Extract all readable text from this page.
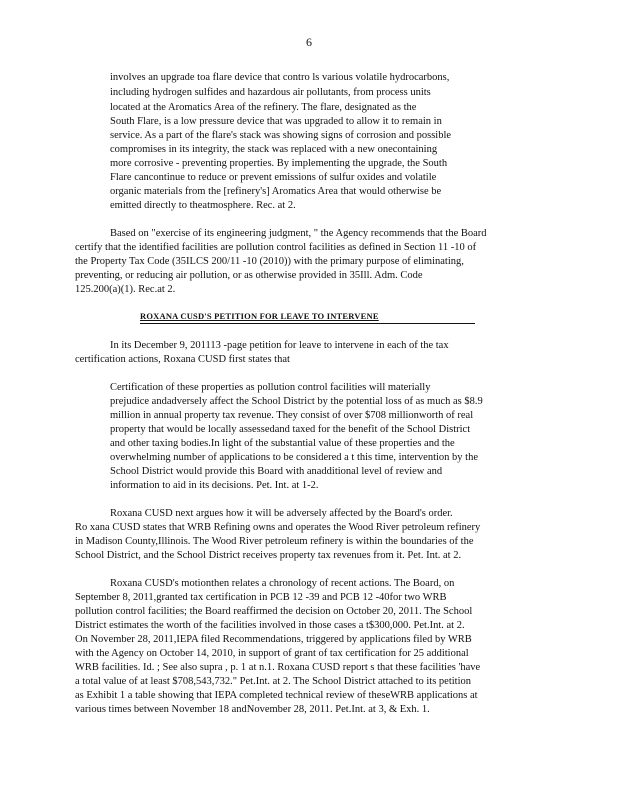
6
involves an upgrade toa flare device that contro ls various volatile hydrocarbons,
including hydrogen sulfides and hazardous air pollutants, from process units
located at the Aromatics Area of the refinery. The flare, designated as the
South Flare, is a low pressure device that was upgraded to allow it to remain in
service. As a part of the flare's stack was showing signs of corrosion and possible
compromises in its integrity, the stack was replaced with a new onecontaining
more corrosive - preventing properties. By implementing the upgrade, the South
Flare cancontinue to reduce or prevent emissions of sulfur oxides and volatile
organic materials from the [refinery's] Aromatics Area that would otherwise be
emitted directly to theatmosphere. Rec. at 2.
Based on "exercise of its engineering judgment, " the Agency recommends that the Board
certify that the identified facilities are pollution control facilities as defined in Section 11 -10 of
the Property Tax Code (35ILCS 200/11 -10 (2010)) with the primary purpose of eliminating,
preventing, or reducing air pollution, or as otherwise provided in 35Ill. Adm. Code
125.200(a)(1). Rec.at 2.
ROXANA CUSD'S PETITION FOR LEAVE TO INTERVENE
In its December 9, 201113 -page petition for leave to intervene in each of the tax
certification actions, Roxana CUSD first states that
Certification of these properties as pollution control facilities will materially
prejudice andadversely affect the School District by the potential loss of as much as $8.9
million in annual property tax revenue. They consist of over $708 millionworth of real
property that would be locally assessedand taxed for the benefit of the School District
and other taxing bodies.In light of the substantial value of these properties and the
overwhelming number of applications to be considered a t this time, intervention by the
School District would provide this Board with anadditional level of review and
information to aid in its decisions. Pet. Int. at 1-2.
Roxana CUSD next argues how it will be adversely affected by the Board's order.
Ro xana CUSD states that WRB Refining owns and operates the Wood River petroleum refinery
in Madison County,Illinois. The Wood River petroleum refinery is within the boundaries of the
School District, and the School District receives property tax revenues from it. Pet. Int. at 2.
Roxana CUSD's motionthen relates a chronology of recent actions. The Board, on
September 8, 2011,granted tax certification in PCB 12 -39 and PCB 12 -40for two WRB
pollution control facilities; the Board reaffirmed the decision on October 20, 2011. The School
District estimates the worth of the facilities involved in those cases a t$300,000. Pet.Int. at 2.
On November 28, 2011,IEPA filed Recommendations, triggered by applications filed by WRB
with the Agency on October 14, 2010, in support of grant of tax certification for 25 additional
WRB facilities. Id. ; See also supra , p. 1 at n.1. Roxana CUSD report s that these facilities 'have
a total value of at least $708,543,732." Pet.Int. at 2. The School District attached to its petition
as Exhibit 1 a table showing that IEPA completed technical review of theseWRB applications at
various times between November 18 andNovember 28, 2011. Pet.Int. at 3, & Exh. 1.
